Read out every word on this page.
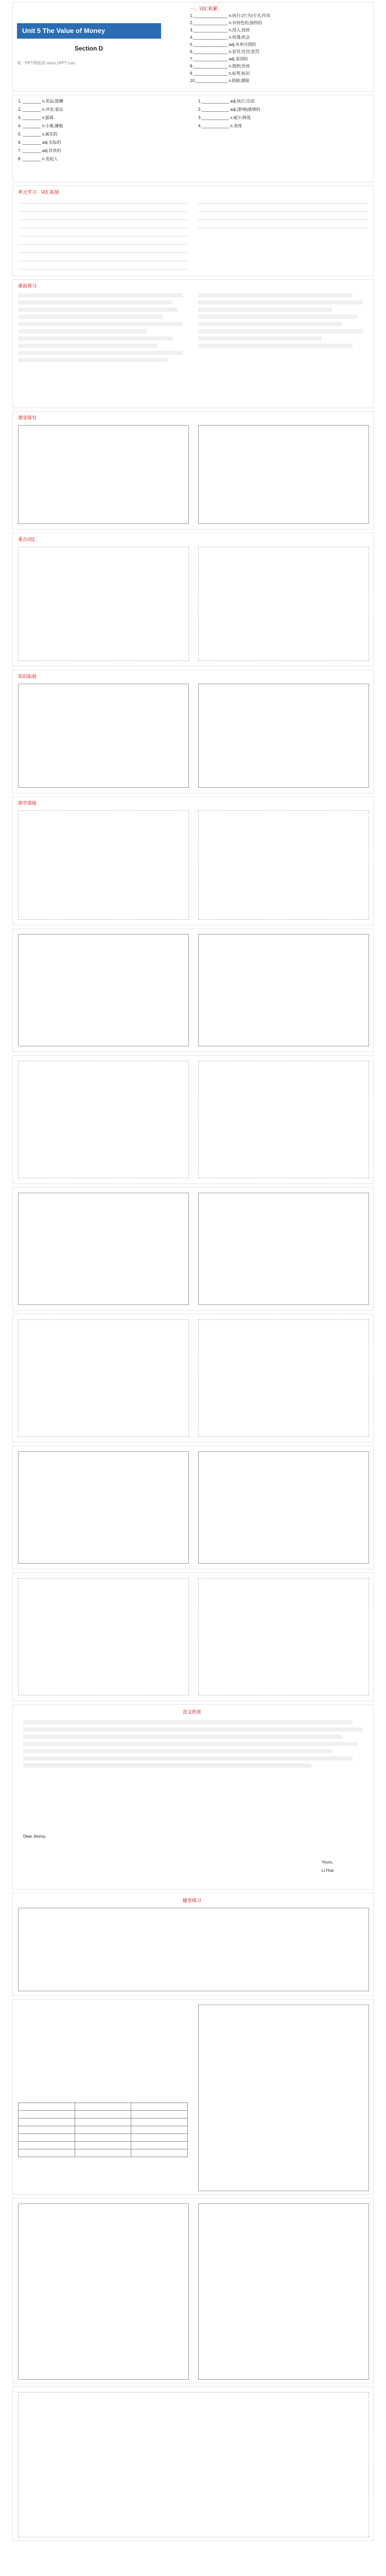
Unit 5 The Value of Money
Section D
第一PPT模板网 www.1PPT.com
一、词汇积累
1._______________ n.执行;(行为)方式;作风
2._______________ n.有特色的;独特的
3._______________ n.侵入;侵扰
4._______________ n.机遇;机会
5._______________ adj.有利可图的
6._______________ n.惩罚;处罚;惩罚
7._______________ adj.美国的
8._______________ n.惯例;传统
9._______________ n.标签;标识
10.______________ v.鼓励;激励
1. ________ n.奖品;报酬
2. ________ n.评论;看法
3. ________ v.强调
4. ________ n.小贩;摊贩
5. ________ v.诚实的
6. ________ adj.实际的
7. ________ adj.珍贵的
8. ________ n.发起人
1.____________ adj.执行;完成
2.____________ adj.(影响)感情的
3.____________ v.减少;降低
4.____________ n.表现
单元学习 · 词汇拓展
课前预习
课堂探究
重点词汇
知识拓展
即学即练
范文欣赏
Dear Jimmy,
Yours,
Li Hua
随堂练习
